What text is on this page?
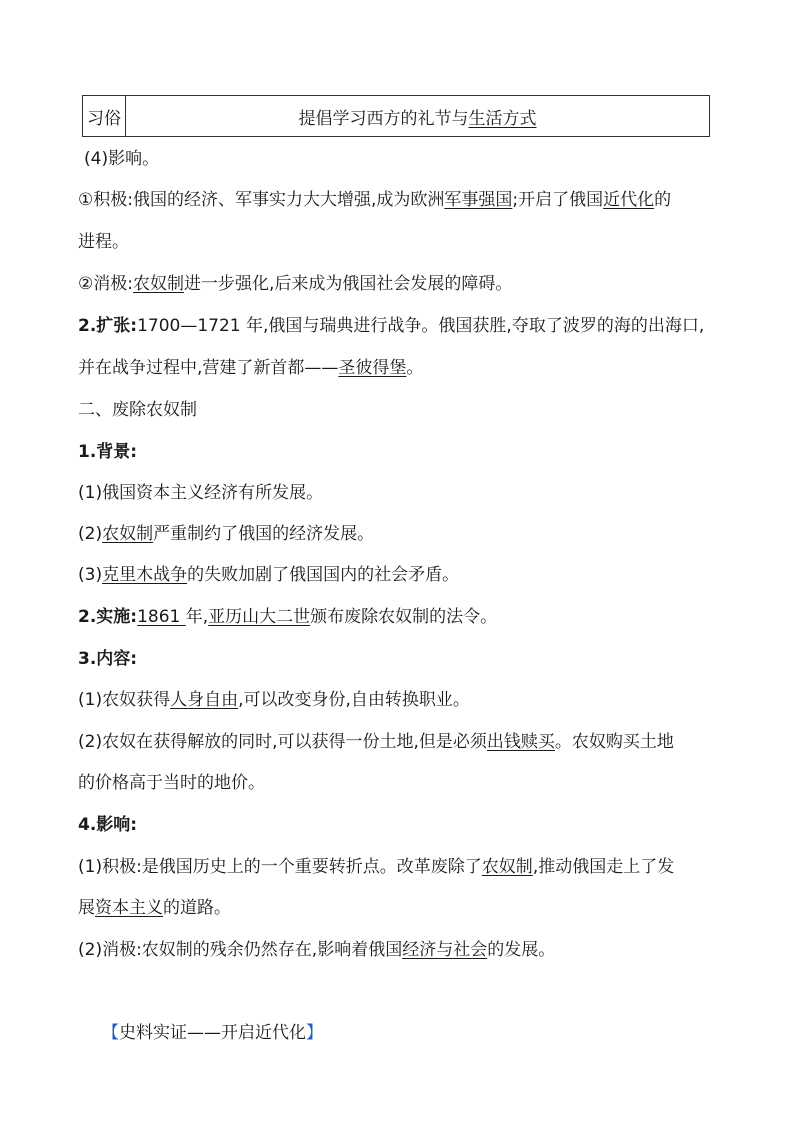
习俗	提倡学习西方的礼节与 生活方式
(4)影响。
①积极:俄国的经济、军事实力大大增强,成为欧洲军事强国;开启了俄国近代化的
进程。
②消极:农奴制进一步强化,后来成为俄国社会发展的障碍。
2.扩张:1700—1721 年,俄国与瑞典进行战争。俄国获胜,夺取了波罗的海的出海口,
并在战争过程中,营建了新首都——圣彼得堡。
二、废除农奴制
1.背景:
(1)俄国资本主义经济有所发展。
(2)农奴制严重制约了俄国的经济发展。
(3)克里木战争的失败加剧了俄国国内的社会矛盾。
2.实施:1861 年,亚历山大二世颁布废除农奴制的法令。
3.内容:
(1)农奴获得人身自由,可以改变身份,自由转换职业。
(2)农奴在获得解放的同时,可以获得一份土地,但是必须出钱赎买。农奴购买土地
的价格高于当时的地价。
4.影响:
(1)积极:是俄国历史上的一个重要转折点。改革废除了农奴制,推动俄国走上了发
展资本主义的道路。
(2)消极:农奴制的残余仍然存在,影响着俄国经济与社会的发展。
【史料实证——开启近代化】
